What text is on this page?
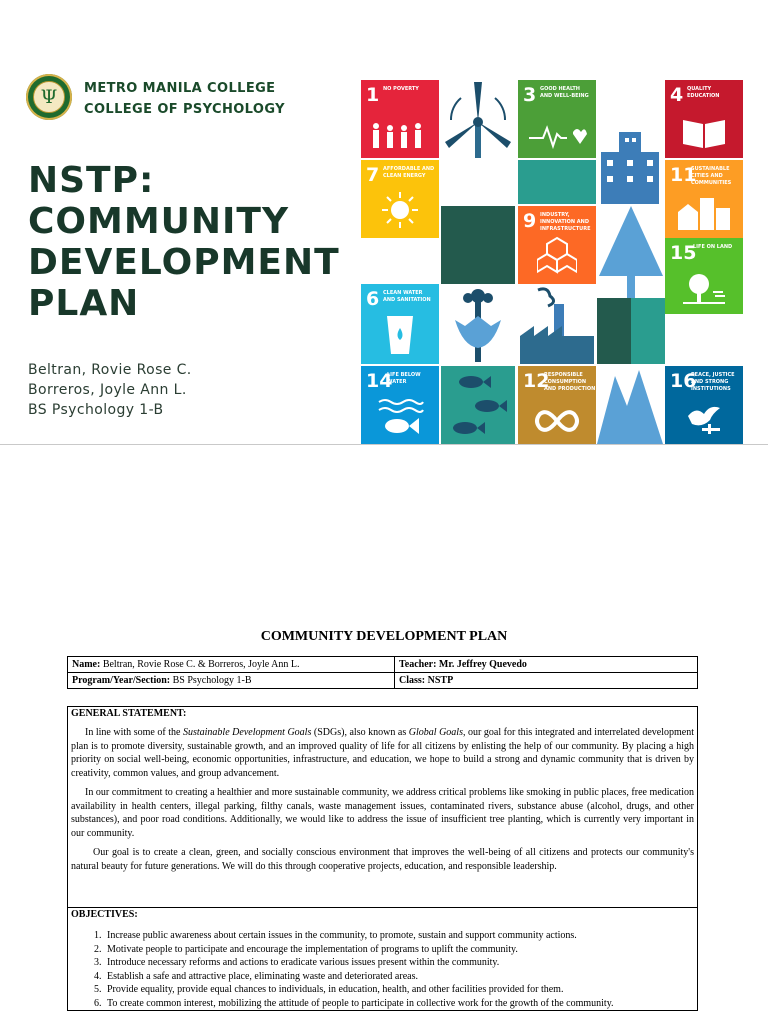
Ψ	METRO MANILA COLLEGE
COLLEGE OF PSYCHOLOGY
NSTP:
COMMUNITY
DEVELOPMENT
PLAN
Beltran, Rovie Rose C.
Borreros, Joyle Ann L.
BS Psychology 1-B
1 NO POVERTY	3 GOOD HEALTH AND WELL-BEING	4 QUALITY EDUCATION
7 AFFORDABLE AND CLEAN ENERGY	11
SUSTAINABLE CITIES AND COMMUNITIES
9 INDUSTRY, INNOVATION AND INFRASTRUCTURE
15
LIFE ON LAND
6 CLEAN WATER AND SANITATION
14
LIFE BELOW WATER	12
RESPONSIBLE CONSUMPTION AND PRODUCTION	16
PEACE, JUSTICE AND STRONG INSTITUTIONS
COMMUNITY DEVELOPMENT PLAN
Name: Beltran, Rovie Rose C. & Borreros, Joyle Ann L.	Teacher: Mr. Jeffrey Quevedo
Program/Year/Section: BS Psychology 1-B	Class: NSTP
GENERAL STATEMENT:

In line with some of the Sustainable Development Goals (SDGs), also known as Global Goals, our goal for this integrated and interrelated development plan is to promote diversity, sustainable growth, and an improved quality of life for all citizens by enlisting the help of our community. By placing a high priority on social well-being, economic opportunities, infrastructure, and education, we hope to build a strong and dynamic community that is driven by creativity, common values, and group advancement.

In our commitment to creating a healthier and more sustainable community, we address critical problems like smoking in public places, free medication availability in health centers, illegal parking, filthy canals, waste management issues, contaminated rivers, substance abuse (alcohol, drugs, and other substances), and poor road conditions. Additionally, we would like to address the issue of insufficient tree planting, which is currently very important in our community.

Our goal is to create a clean, green, and socially conscious environment that improves the well-being of all citizens and protects our community's natural beauty for future generations. We will do this through cooperative projects, education, and responsible leadership.

OBJECTIVES:
1. Increase public awareness about certain issues in the community, to promote, sustain and support community actions.
2. Motivate people to participate and encourage the implementation of programs to uplift the community.
3. Introduce necessary reforms and actions to eradicate various issues present within the community.
4. Establish a safe and attractive place, eliminating waste and deteriorated areas.
5. Provide equality, provide equal chances to individuals, in education, health, and other facilities provided for them.
6. To create common interest, mobilizing the attitude of people to participate in collective work for the growth of the community.
